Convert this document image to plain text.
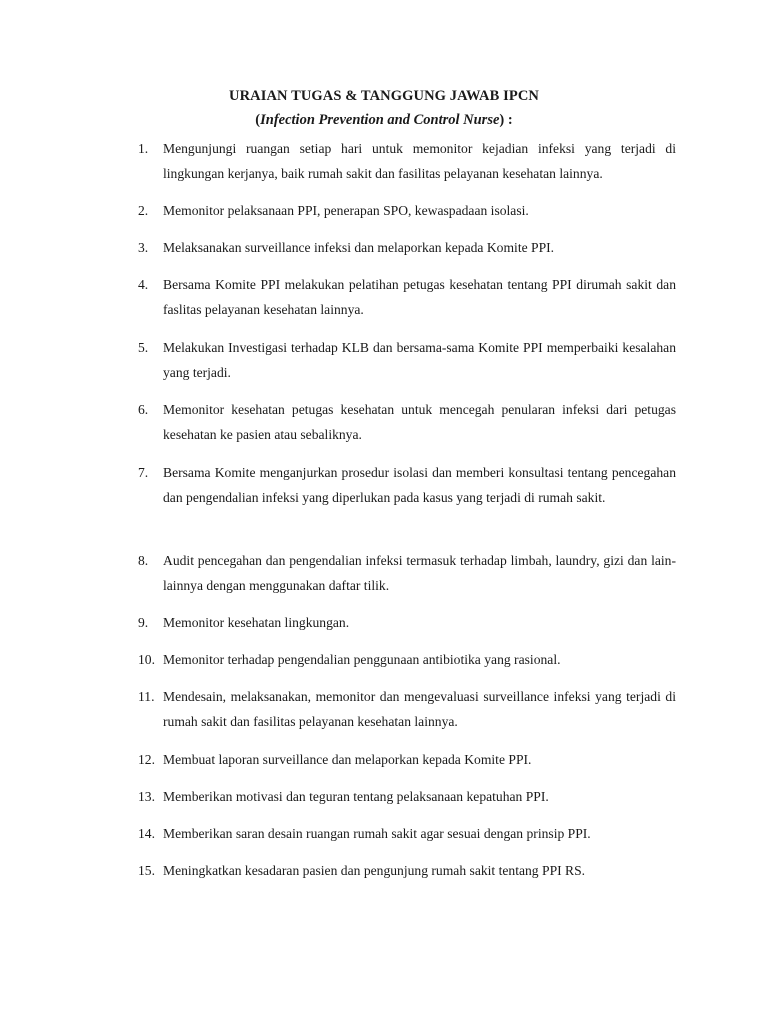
URAIAN TUGAS & TANGGUNG JAWAB IPCN
(Infection Prevention and Control Nurse) :
1.	Mengunjungi ruangan setiap hari untuk memonitor kejadian infeksi yang terjadi di lingkungan kerjanya, baik rumah sakit dan fasilitas pelayanan kesehatan lainnya.
2.	Memonitor pelaksanaan PPI, penerapan SPO, kewaspadaan isolasi.
3.	Melaksanakan surveillance infeksi dan melaporkan kepada Komite PPI.
4.	Bersama Komite PPI melakukan pelatihan petugas kesehatan tentang PPI dirumah sakit dan faslitas pelayanan kesehatan lainnya.
5.	Melakukan Investigasi terhadap KLB dan bersama-sama Komite PPI memperbaiki kesalahan yang terjadi.
6.	Memonitor kesehatan petugas kesehatan untuk mencegah penularan infeksi dari petugas kesehatan ke pasien atau sebaliknya.
7.	Bersama Komite menganjurkan prosedur isolasi dan memberi konsultasi tentang pencegahan dan pengendalian infeksi yang diperlukan pada kasus yang terjadi di rumah sakit.
8.	Audit pencegahan dan pengendalian infeksi termasuk terhadap limbah, laundry, gizi dan lain-lainnya dengan menggunakan daftar tilik.
9.	Memonitor kesehatan lingkungan.
10. Memonitor terhadap pengendalian penggunaan antibiotika yang rasional.
11. Mendesain, melaksanakan, memonitor dan mengevaluasi surveillance infeksi yang terjadi di rumah sakit dan fasilitas pelayanan kesehatan lainnya.
12. Membuat laporan surveillance dan melaporkan kepada Komite PPI.
13. Memberikan motivasi dan teguran tentang pelaksanaan kepatuhan PPI.
14. Memberikan saran desain ruangan rumah sakit agar sesuai dengan prinsip PPI.
15. Meningkatkan kesadaran pasien dan pengunjung rumah sakit tentang PPI RS.
